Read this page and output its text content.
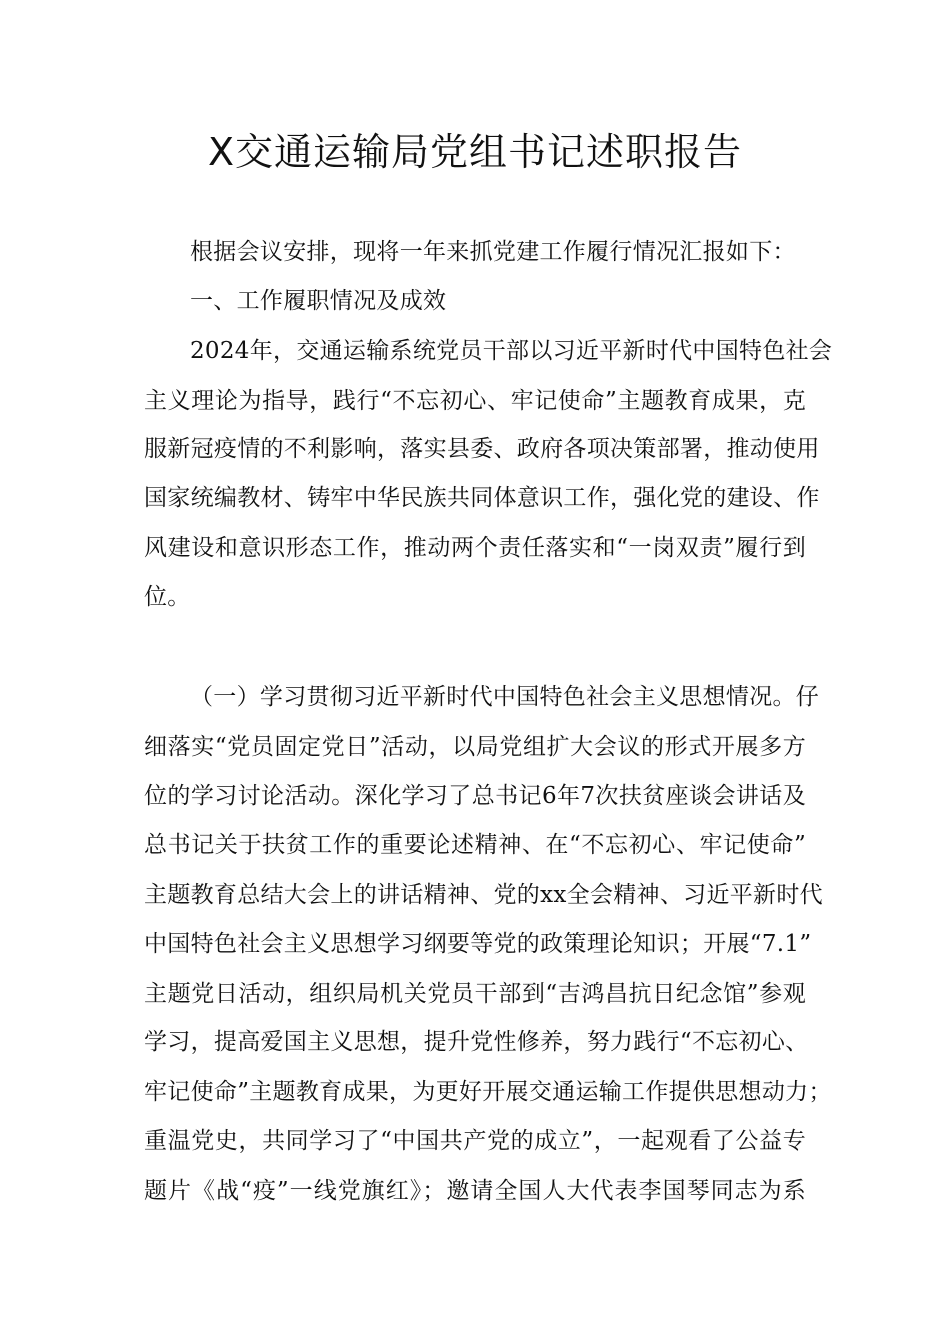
X交通运输局党组书记述职报告
根据会议安排，现将一年来抓党建工作履行情况汇报如下：
一、工作履职情况及成效
2024年，交通运输系统党员干部以习近平新时代中国特色社会
主义理论为指导，践行“不忘初心、牢记使命”主题教育成果，克
服新冠疫情的不利影响，落实县委、政府各项决策部署，推动使用
国家统编教材、铸牢中华民族共同体意识工作，强化党的建设、作
风建设和意识形态工作，推动两个责任落实和“一岗双责”履行到
位。
（一）学习贯彻习近平新时代中国特色社会主义思想情况。仔
细落实“党员固定党日”活动，以局党组扩大会议的形式开展多方
位的学习讨论活动。深化学习了总书记6年7次扶贫座谈会讲话及
总书记关于扶贫工作的重要论述精神、在“不忘初心、牢记使命”
主题教育总结大会上的讲话精神、党的xx全会精神、习近平新时代
中国特色社会主义思想学习纲要等党的政策理论知识；开展“7.1”
主题党日活动，组织局机关党员干部到“吉鸿昌抗日纪念馆”参观
学习，提高爱国主义思想，提升党性修养，努力践行“不忘初心、
牢记使命”主题教育成果，为更好开展交通运输工作提供思想动力；
重温党史，共同学习了“中国共产党的成立”，一起观看了公益专
题片《战“疫”一线党旗红》；邀请全国人大代表李国琴同志为系
